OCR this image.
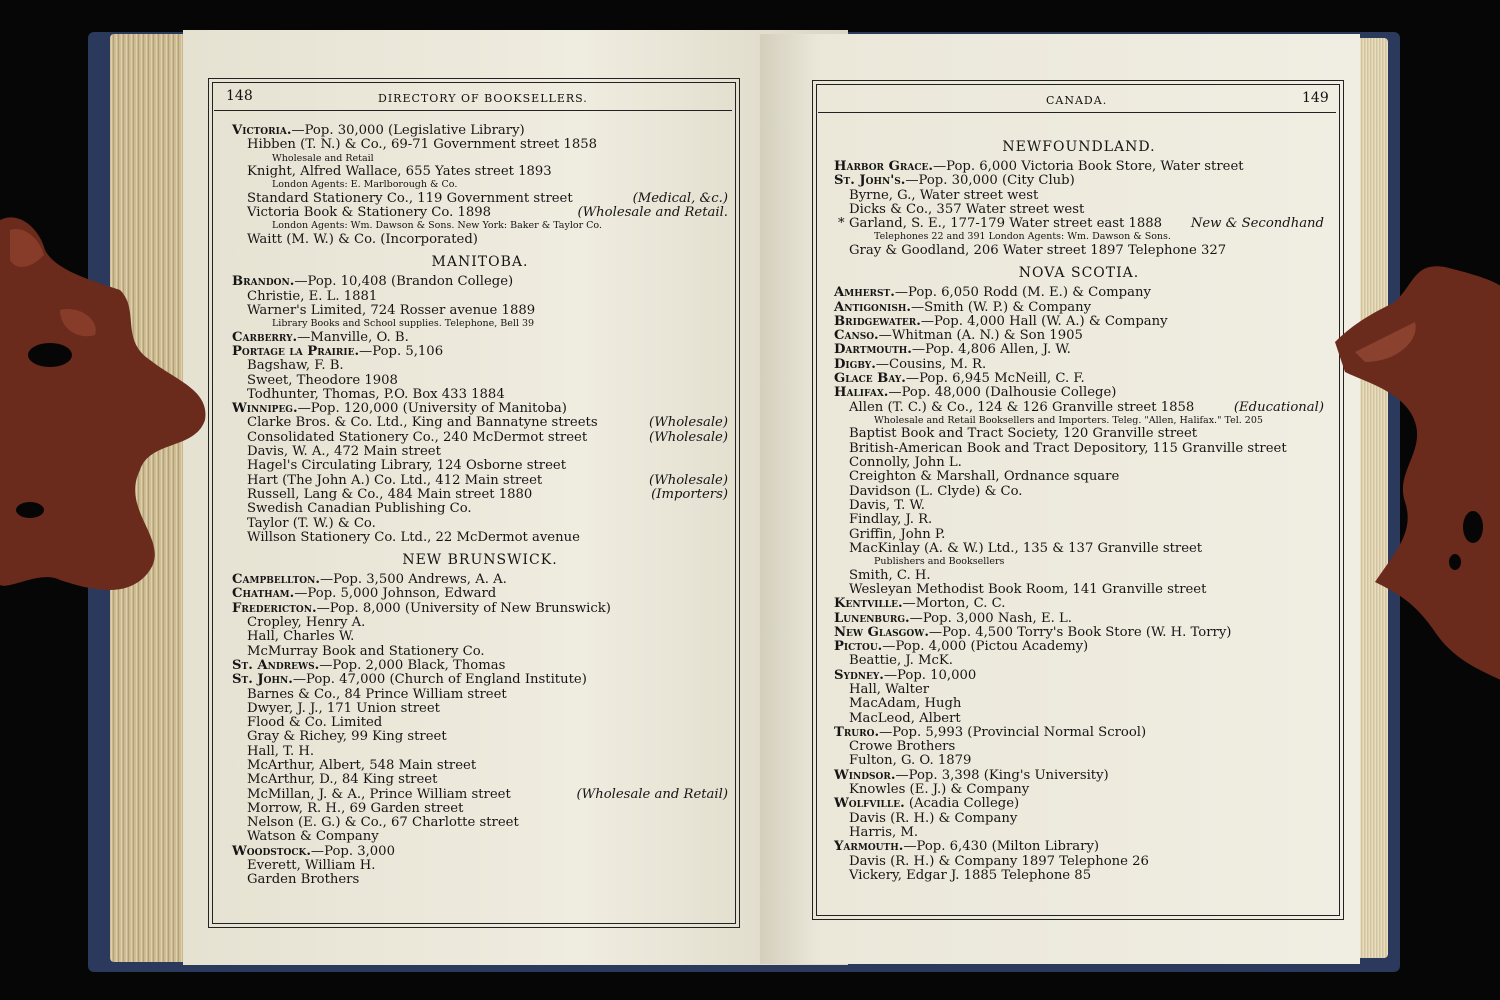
148	DIRECTORY OF BOOKSELLERS.
Victoria.—Pop. 30,000 (Legislative Library)
Hibben (T. N.) & Co., 69-71 Government street 1858
Wholesale and Retail
Knight, Alfred Wallace, 655 Yates street 1893
London Agents: E. Marlborough & Co.
Standard Stationery Co., 119 Government street	(Medical, &c.)
Victoria Book & Stationery Co. 1898	(Wholesale and Retail.
London Agents: Wm. Dawson & Sons. New York: Baker & Taylor Co.
Waitt (M. W.) & Co. (Incorporated)
MANITOBA.
Brandon.—Pop. 10,408 (Brandon College)
Christie, E. L. 1881
Warner's Limited, 724 Rosser avenue 1889
Library Books and School supplies. Telephone, Bell 39
Carberry.—Manville, O. B.
Portage la Prairie.—Pop. 5,106
Bagshaw, F. B.
Sweet, Theodore 1908
Todhunter, Thomas, P.O. Box 433 1884
Winnipeg.—Pop. 120,000 (University of Manitoba)
Clarke Bros. & Co. Ltd., King and Bannatyne streets	(Wholesale)
Consolidated Stationery Co., 240 McDermot street	(Wholesale)
Davis, W. A., 472 Main street
Hagel's Circulating Library, 124 Osborne street
Hart (The John A.) Co. Ltd., 412 Main street	(Wholesale)
Russell, Lang & Co., 484 Main street 1880	(Importers)
Swedish Canadian Publishing Co.
Taylor (T. W.) & Co.
Willson Stationery Co. Ltd., 22 McDermot avenue
NEW BRUNSWICK.
Campbellton.—Pop. 3,500 Andrews, A. A.
Chatham.—Pop. 5,000 Johnson, Edward
Fredericton.—Pop. 8,000 (University of New Brunswick)
Cropley, Henry A.
Hall, Charles W.
McMurray Book and Stationery Co.
St. Andrews.—Pop. 2,000 Black, Thomas
St. John.—Pop. 47,000 (Church of England Institute)
Barnes & Co., 84 Prince William street
Dwyer, J. J., 171 Union street
Flood & Co. Limited
Gray & Richey, 99 King street
Hall, T. H.
McArthur, Albert, 548 Main street
McArthur, D., 84 King street
McMillan, J. & A., Prince William street	(Wholesale and Retail)
Morrow, R. H., 69 Garden street
Nelson (E. G.) & Co., 67 Charlotte street
Watson & Company
Woodstock.—Pop. 3,000
Everett, William H.
Garden Brothers
CANADA.	149
NEWFOUNDLAND.
Harbor Grace.—Pop. 6,000 Victoria Book Store, Water street
St. John's.—Pop. 30,000 (City Club)
Byrne, G., Water street west
Dicks & Co., 357 Water street west
* Garland, S. E., 177-179 Water street east 1888 New & Secondhand
Telephones 22 and 391 London Agents: Wm. Dawson & Sons.
Gray & Goodland, 206 Water street 1897 Telephone 327
NOVA SCOTIA.
Amherst.—Pop. 6,050 Rodd (M. E.) & Company
Antigonish.—Smith (W. P.) & Company
Bridgewater.—Pop. 4,000 Hall (W. A.) & Company
Canso.—Whitman (A. N.) & Son 1905
Dartmouth.—Pop. 4,806 Allen, J. W.
Digby.—Cousins, M. R.
Glace Bay.—Pop. 6,945 McNeill, C. F.
Halifax.—Pop. 48,000 (Dalhousie College)
Allen (T. C.) & Co., 124 & 126 Granville street 1858	(Educational)
Wholesale and Retail Booksellers and Importers. Teleg. "Allen, Halifax." Tel. 205
Baptist Book and Tract Society, 120 Granville street
British-American Book and Tract Depository, 115 Granville street
Connolly, John L.
Creighton & Marshall, Ordnance square
Davidson (L. Clyde) & Co.
Davis, T. W.
Findlay, J. R.
Griffin, John P.
MacKinlay (A. & W.) Ltd., 135 & 137 Granville street
Publishers and Booksellers
Smith, C. H.
Wesleyan Methodist Book Room, 141 Granville street
Kentville.—Morton, C. C.
Lunenburg.—Pop. 3,000 Nash, E. L.
New Glasgow.—Pop. 4,500 Torry's Book Store (W. H. Torry)
Pictou.—Pop. 4,000 (Pictou Academy)
Beattie, J. McK.
Sydney.—Pop. 10,000
Hall, Walter
MacAdam, Hugh
MacLeod, Albert
Truro.—Pop. 5,993 (Provincial Normal Scrool)
Crowe Brothers
Fulton, G. O. 1879
Windsor.—Pop. 3,398 (King's University)
Knowles (E. J.) & Company
Wolfville. (Acadia College)
Davis (R. H.) & Company
Harris, M.
Yarmouth.—Pop. 6,430 (Milton Library)
Davis (R. H.) & Company 1897 Telephone 26
Vickery, Edgar J. 1885 Telephone 85
